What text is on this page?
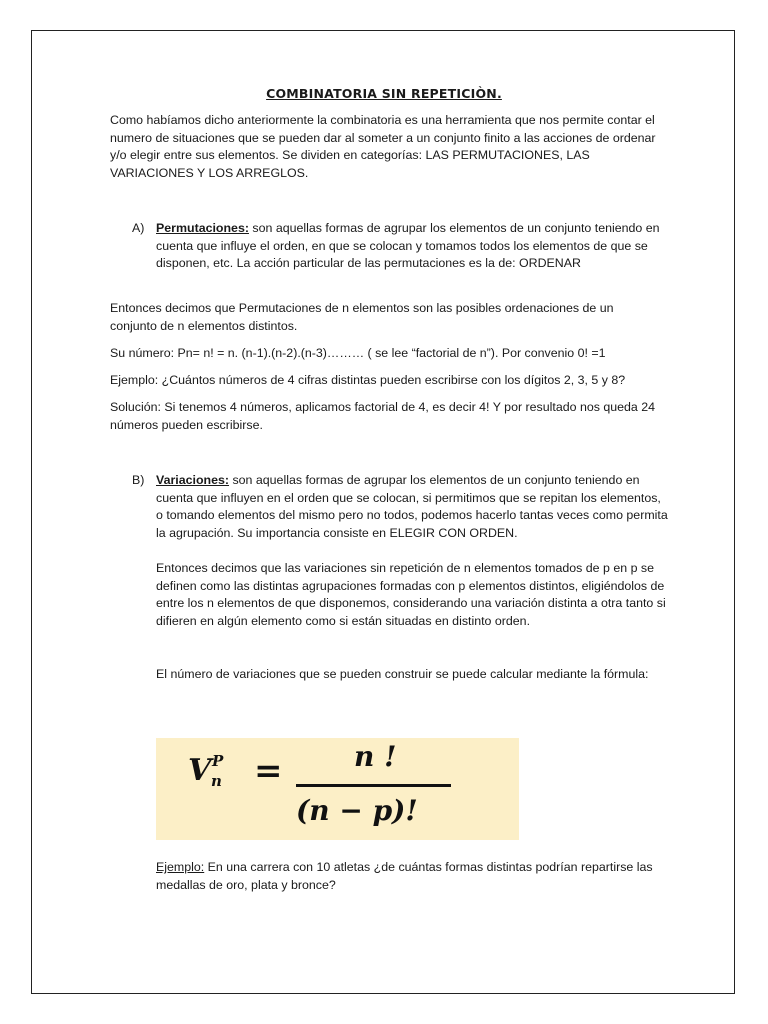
COMBINATORIA SIN REPETICIÒN.

Como habíamos dicho anteriormente la combinatoria es una herramienta que nos permite contar el numero de situaciones que se pueden dar al someter a un conjunto finito a las acciones de ordenar y/o elegir entre sus elementos. Se dividen en categorías: LAS PERMUTACIONES, LAS VARIACIONES Y LOS ARREGLOS.

A) Permutaciones: son aquellas formas de agrupar los elementos de un conjunto teniendo en cuenta que influye el orden, en que se colocan y tomamos todos los elementos de que se disponen, etc. La acción particular de las permutaciones es la de: ORDENAR

Entonces decimos que Permutaciones de n elementos son las posibles ordenaciones de un conjunto de n elementos distintos.

Su número: Pn= n! = n. (n-1).(n-2).(n-3)……… ( se lee “factorial de n”). Por convenio 0! =1

Ejemplo: ¿Cuántos números de 4 cifras distintas pueden escribirse con los dígitos 2, 3, 5 y 8?

Solución: Si tenemos 4 números, aplicamos factorial de 4, es decir 4! Y por resultado nos queda 24 números pueden escribirse.

B) Variaciones: son aquellas formas de agrupar los elementos de un conjunto teniendo en cuenta que influyen en el orden que se colocan, si permitimos que se repitan los elementos, o tomando elementos del mismo pero no todos, podemos hacerlo tantas veces como permita la agrupación. Su importancia consiste en ELEGIR CON ORDEN.

Entonces decimos que las variaciones sin repetición de n elementos tomados de p en p se definen como las distintas agrupaciones formadas con p elementos distintos, eligiéndolos de entre los n elementos de que disponemos, considerando una variación distinta a otra tanto si difieren en algún elemento como si están situadas en distinto orden.

El número de variaciones que se pueden construir se puede calcular mediante la fórmula:

V P
n =	n !
(n − p)!

Ejemplo: En una carrera con 10 atletas ¿de cuántas formas distintas podrían repartirse las medallas de oro, plata y bronce?
